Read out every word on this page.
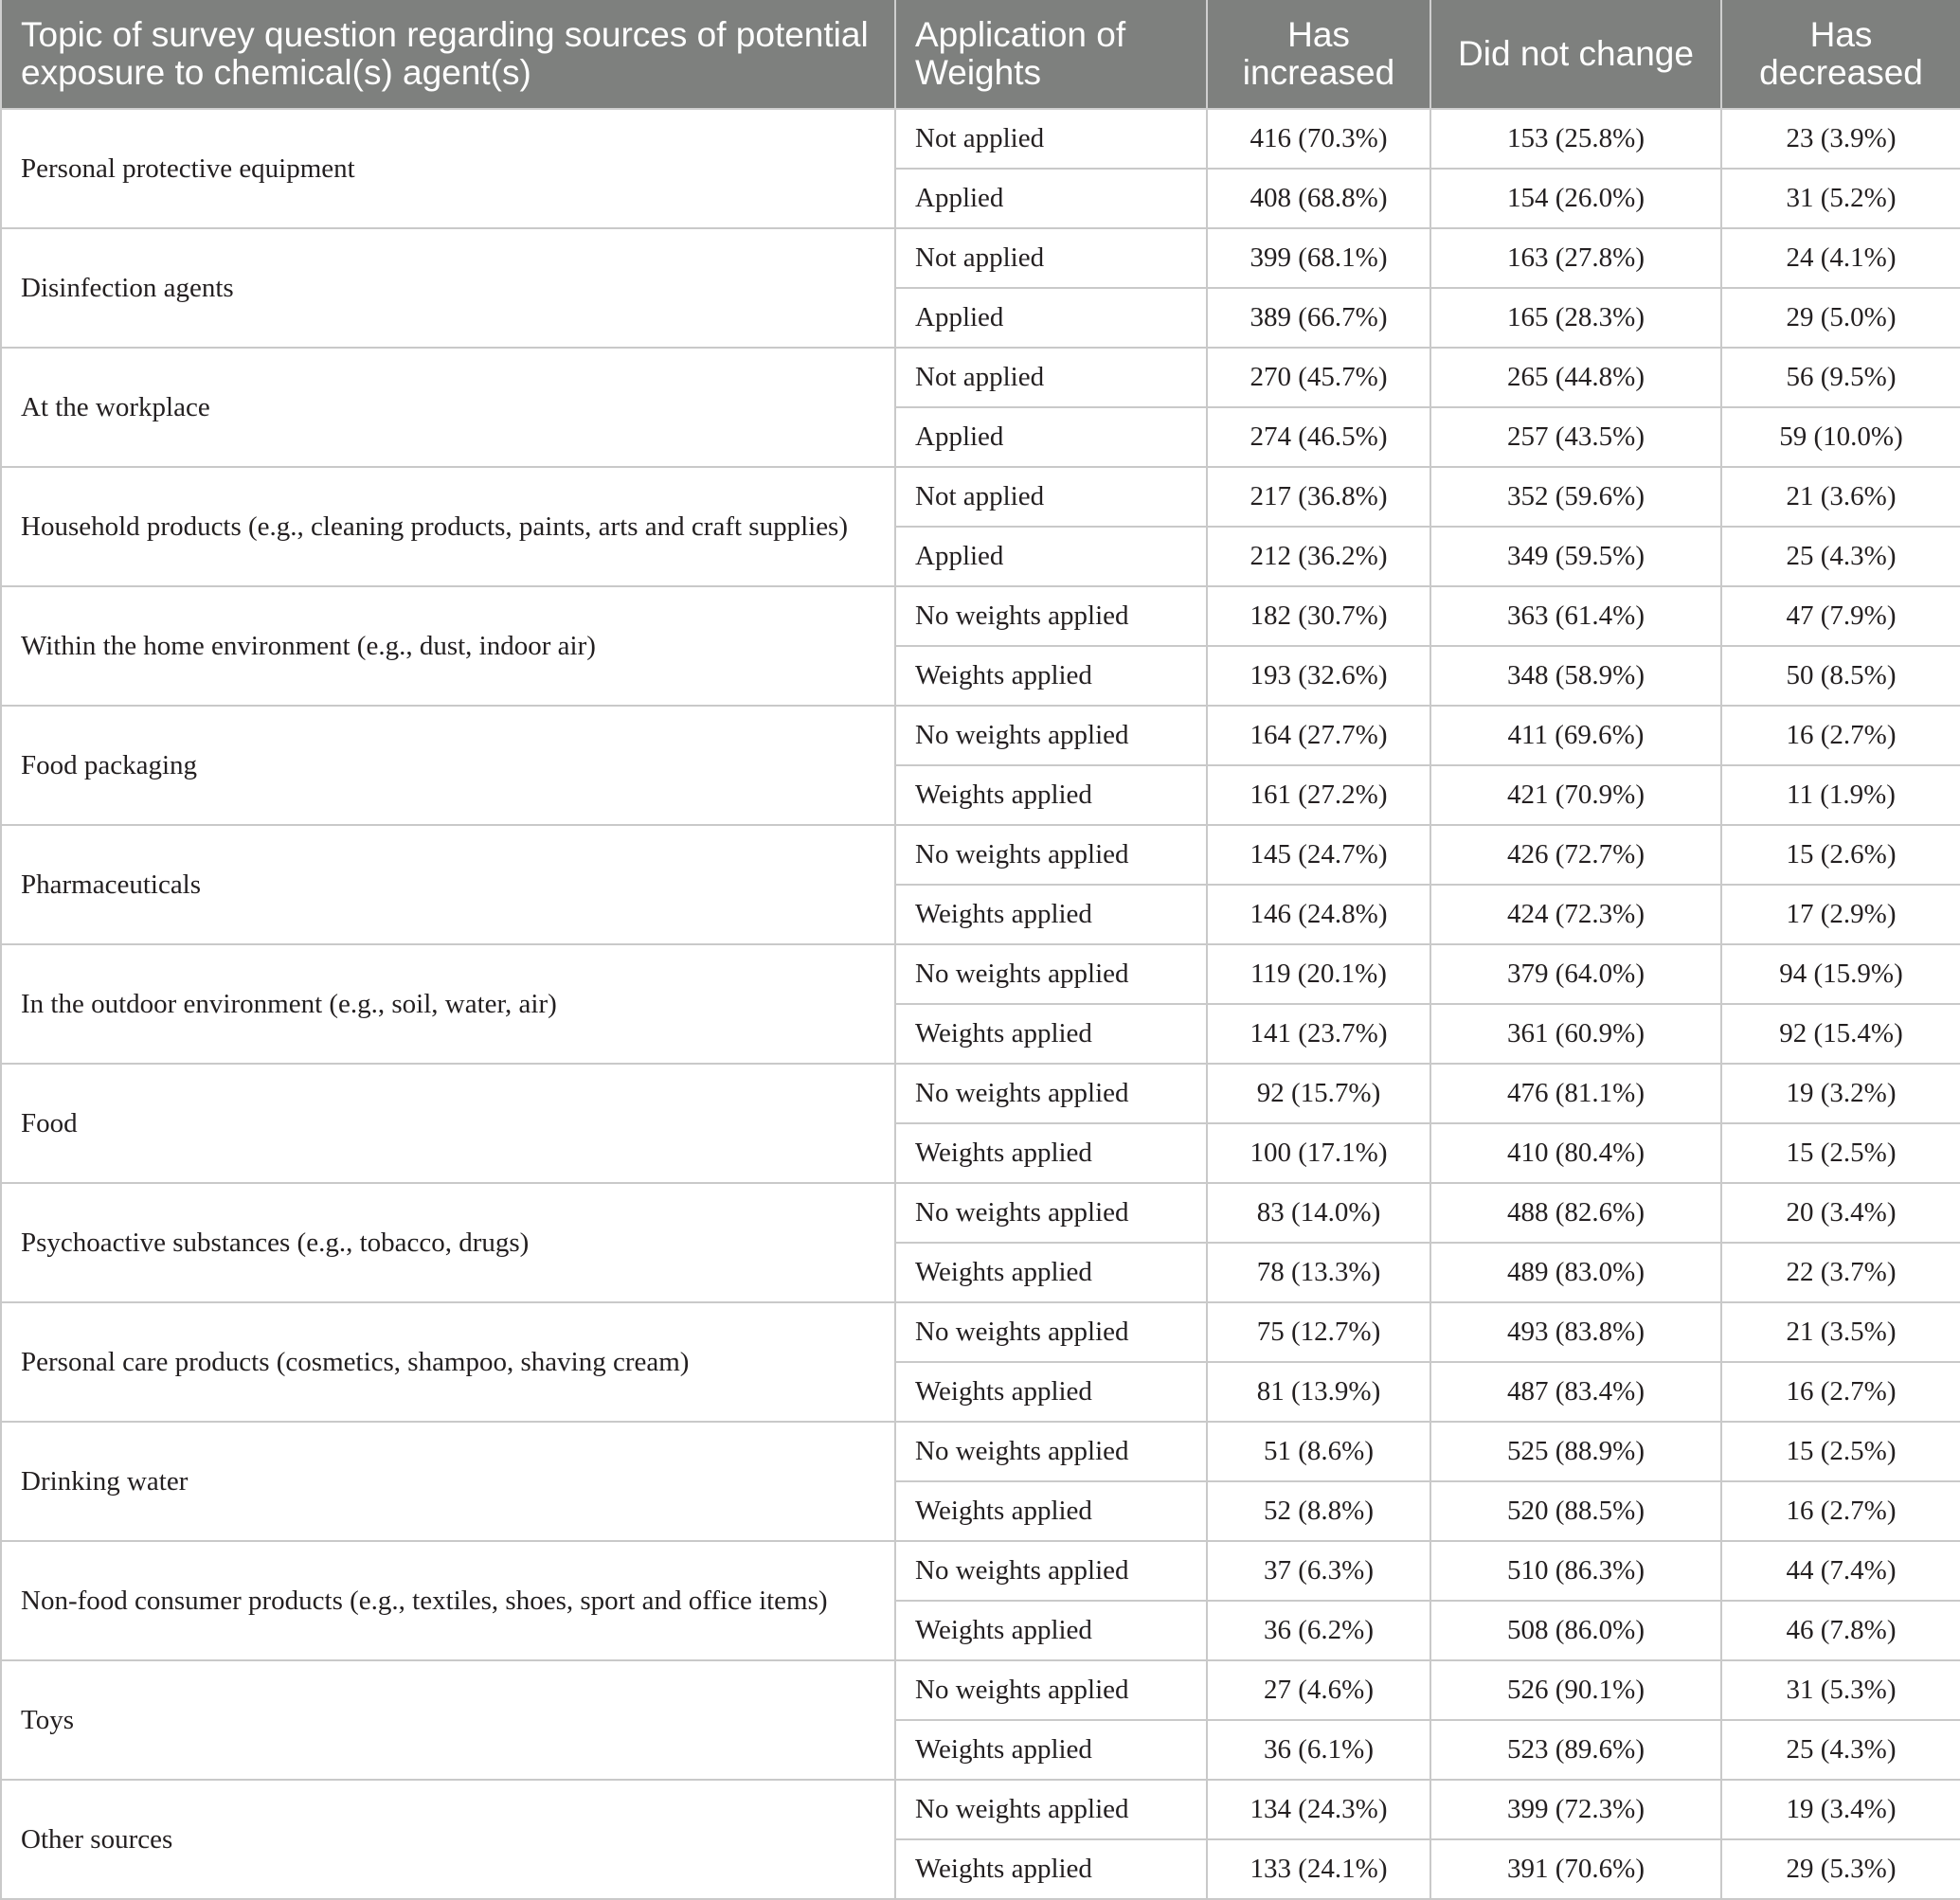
Topic of survey question regarding sources of potential exposure to chemical(s) agent(s)	Application of Weights	Has increased	Did not change	Has decreased
Personal protective equipment	Not applied	416 (70.3%)	153 (25.8%)	23 (3.9%)
	Applied	408 (68.8%)	154 (26.0%)	31 (5.2%)
Disinfection agents	Not applied	399 (68.1%)	163 (27.8%)	24 (4.1%)
	Applied	389 (66.7%)	165 (28.3%)	29 (5.0%)
At the workplace	Not applied	270 (45.7%)	265 (44.8%)	56 (9.5%)
	Applied	274 (46.5%)	257 (43.5%)	59 (10.0%)
Household products (e.g., cleaning products, paints, arts and craft supplies)	Not applied	217 (36.8%)	352 (59.6%)	21 (3.6%)
	Applied	212 (36.2%)	349 (59.5%)	25 (4.3%)
Within the home environment (e.g., dust, indoor air)	No weights applied	182 (30.7%)	363 (61.4%)	47 (7.9%)
	Weights applied	193 (32.6%)	348 (58.9%)	50 (8.5%)
Food packaging	No weights applied	164 (27.7%)	411 (69.6%)	16 (2.7%)
	Weights applied	161 (27.2%)	421 (70.9%)	11 (1.9%)
Pharmaceuticals	No weights applied	145 (24.7%)	426 (72.7%)	15 (2.6%)
	Weights applied	146 (24.8%)	424 (72.3%)	17 (2.9%)
In the outdoor environment (e.g., soil, water, air)	No weights applied	119 (20.1%)	379 (64.0%)	94 (15.9%)
	Weights applied	141 (23.7%)	361 (60.9%)	92 (15.4%)
Food	No weights applied	92 (15.7%)	476 (81.1%)	19 (3.2%)
	Weights applied	100 (17.1%)	410 (80.4%)	15 (2.5%)
Psychoactive substances (e.g., tobacco, drugs)	No weights applied	83 (14.0%)	488 (82.6%)	20 (3.4%)
	Weights applied	78 (13.3%)	489 (83.0%)	22 (3.7%)
Personal care products (cosmetics, shampoo, shaving cream)	No weights applied	75 (12.7%)	493 (83.8%)	21 (3.5%)
	Weights applied	81 (13.9%)	487 (83.4%)	16 (2.7%)
Drinking water	No weights applied	51 (8.6%)	525 (88.9%)	15 (2.5%)
	Weights applied	52 (8.8%)	520 (88.5%)	16 (2.7%)
Non-food consumer products (e.g., textiles, shoes, sport and office items)	No weights applied	37 (6.3%)	510 (86.3%)	44 (7.4%)
	Weights applied	36 (6.2%)	508 (86.0%)	46 (7.8%)
Toys	No weights applied	27 (4.6%)	526 (90.1%)	31 (5.3%)
	Weights applied	36 (6.1%)	523 (89.6%)	25 (4.3%)
Other sources	No weights applied	134 (24.3%)	399 (72.3%)	19 (3.4%)
	Weights applied	133 (24.1%)	391 (70.6%)	29 (5.3%)
